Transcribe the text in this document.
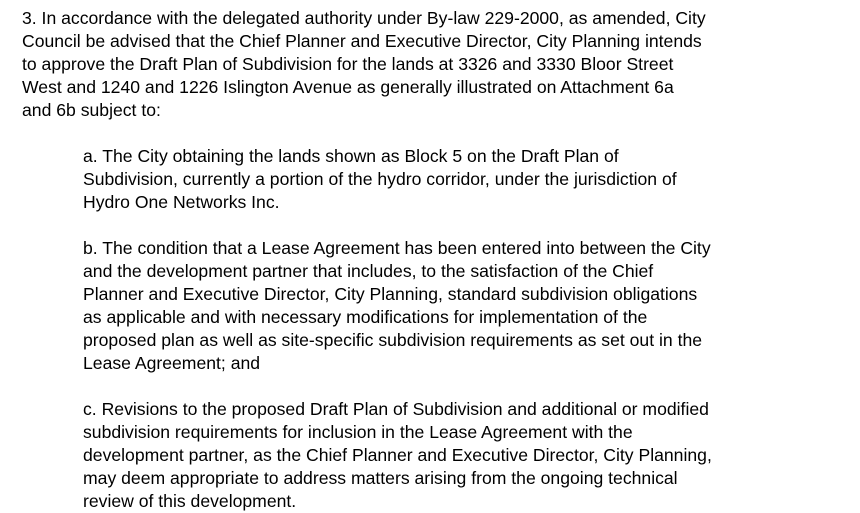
3. In accordance with the delegated authority under By-law 229-2000, as amended, City
Council be advised that the Chief Planner and Executive Director, City Planning intends
to approve the Draft Plan of Subdivision for the lands at 3326 and 3330 Bloor Street
West and 1240 and 1226 Islington Avenue as generally illustrated on Attachment 6a
and 6b subject to:
a. The City obtaining the lands shown as Block 5 on the Draft Plan of
Subdivision, currently a portion of the hydro corridor, under the jurisdiction of
Hydro One Networks Inc.
b. The condition that a Lease Agreement has been entered into between the City
and the development partner that includes, to the satisfaction of the Chief
Planner and Executive Director, City Planning, standard subdivision obligations
as applicable and with necessary modifications for implementation of the
proposed plan as well as site-specific subdivision requirements as set out in the
Lease Agreement; and
c. Revisions to the proposed Draft Plan of Subdivision and additional or modified
subdivision requirements for inclusion in the Lease Agreement with the
development partner, as the Chief Planner and Executive Director, City Planning,
may deem appropriate to address matters arising from the ongoing technical
review of this development.
